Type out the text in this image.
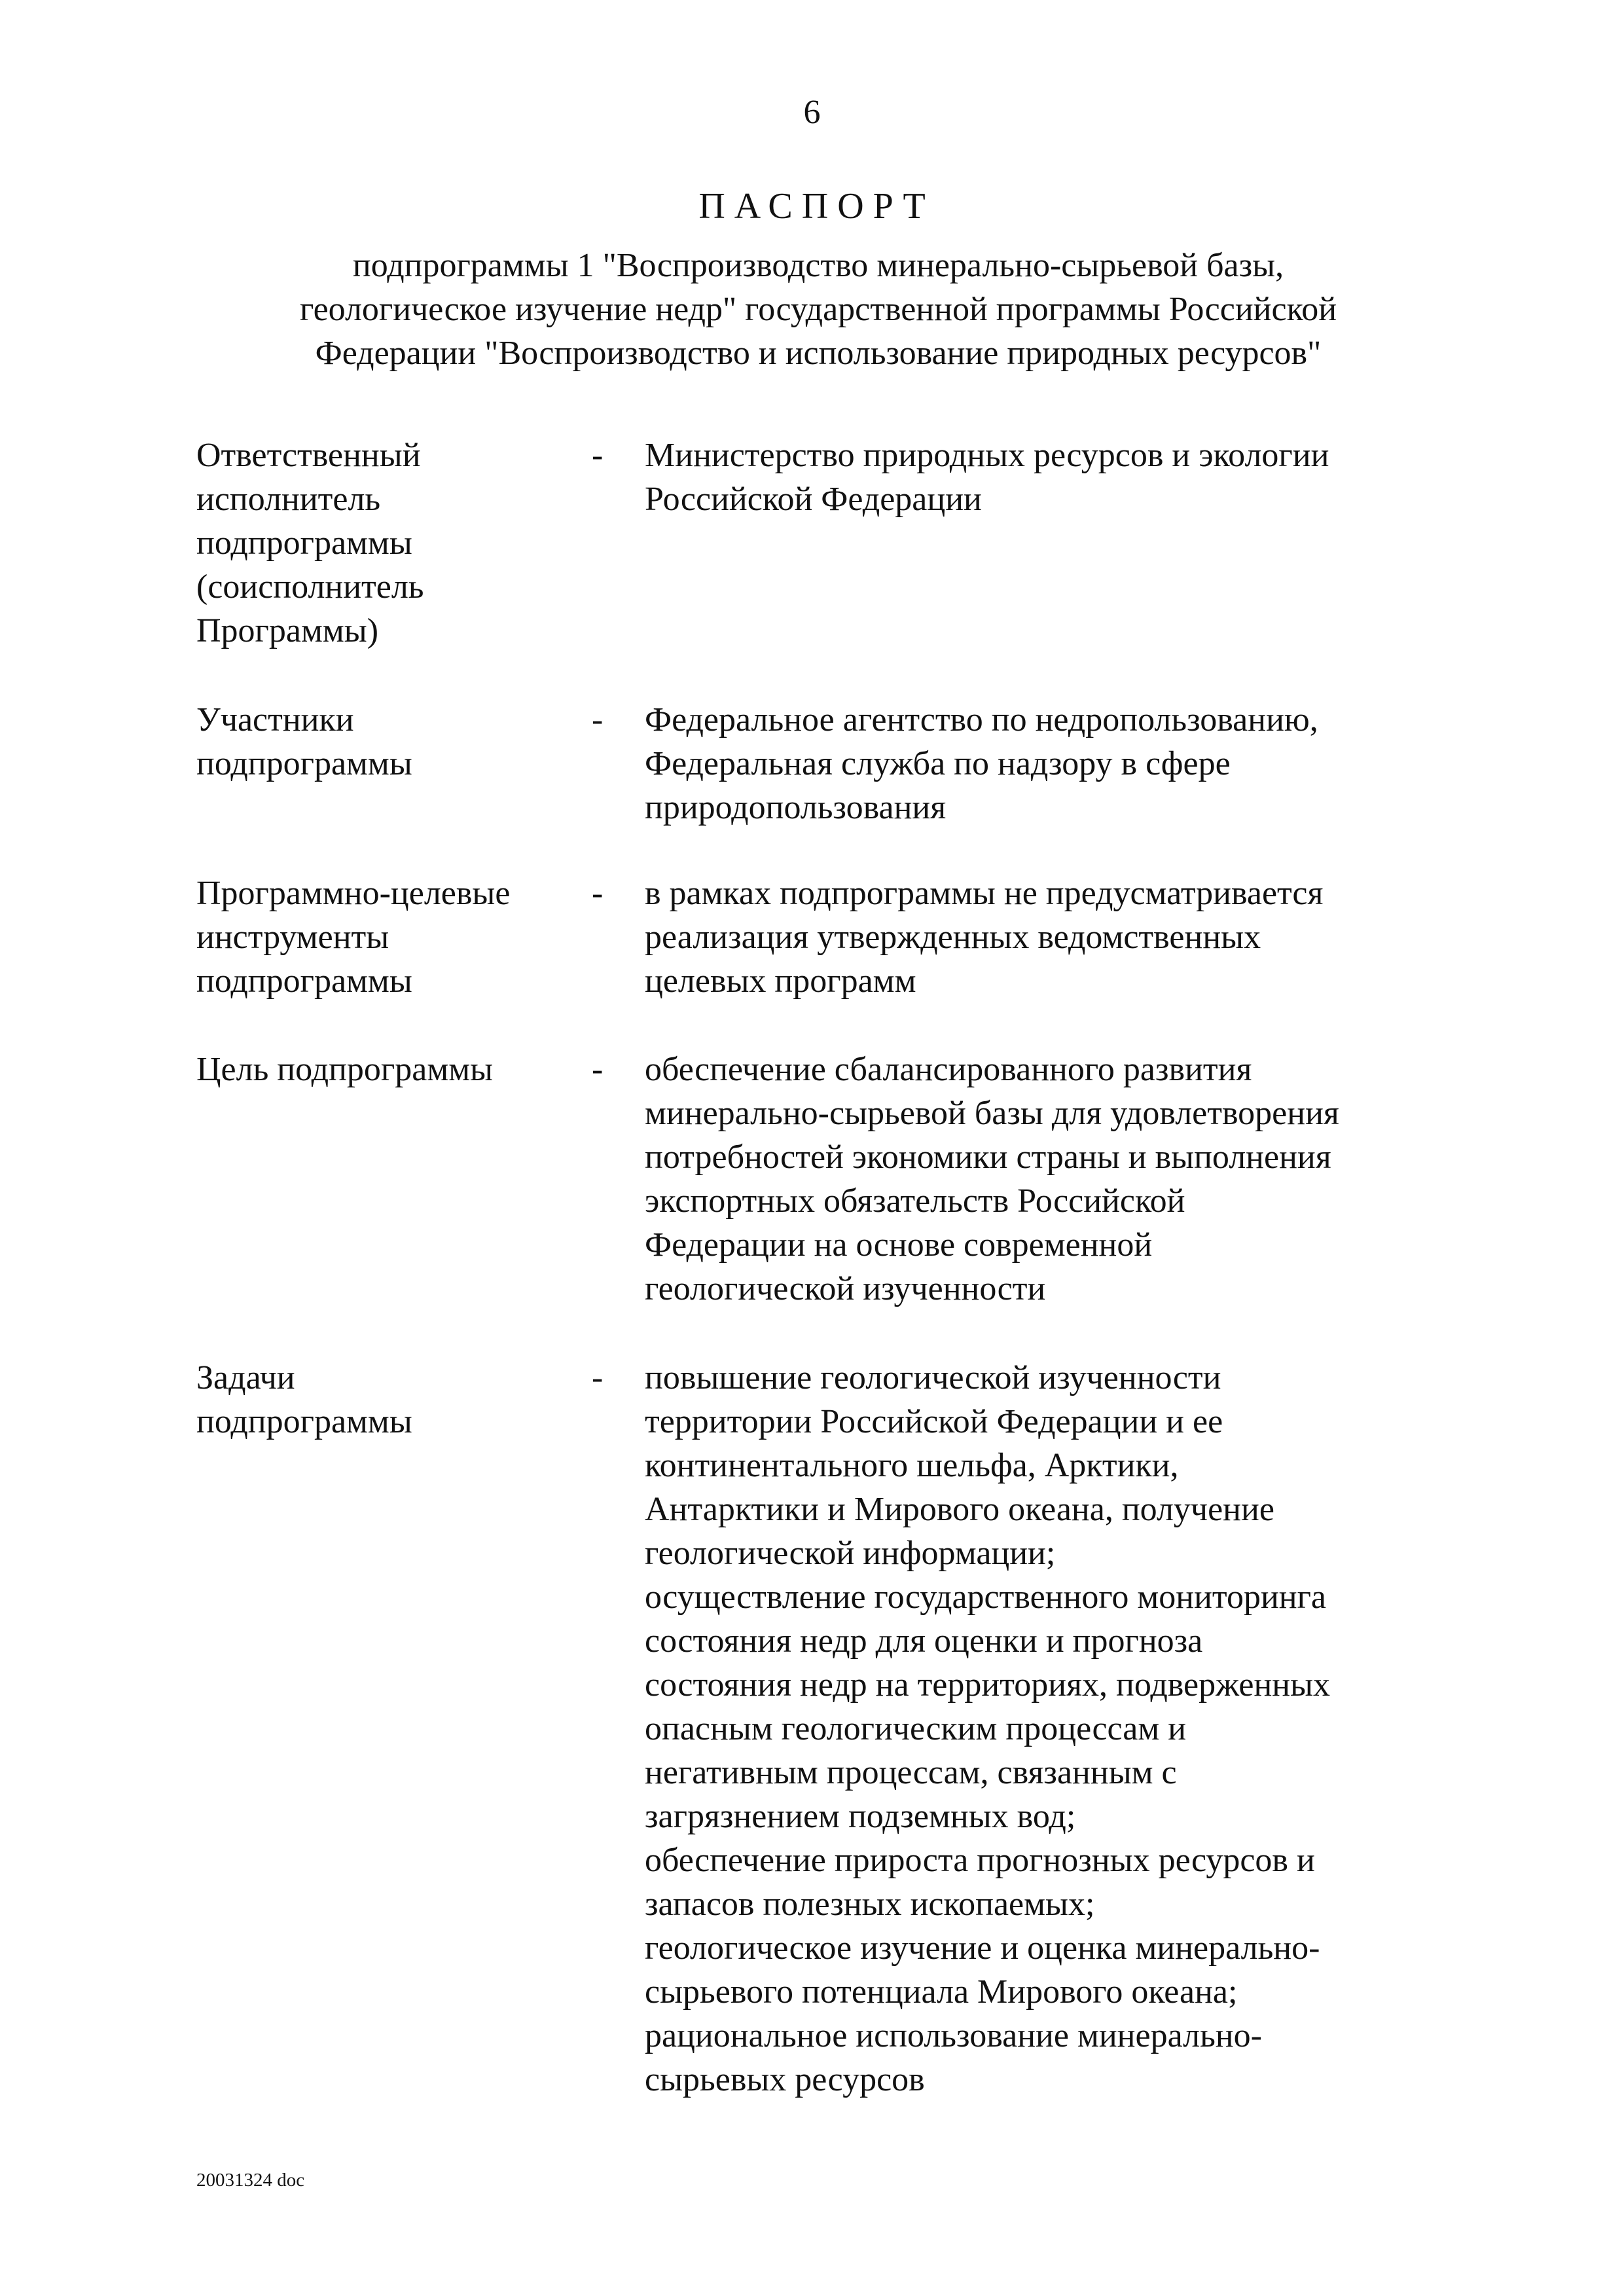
6
ПАСПОРТ
подпрограммы 1 "Воспроизводство минерально-сырьевой базы,
геологическое изучение недр" государственной программы Российской
Федерации "Воспроизводство и использование природных ресурсов"
Ответственный
исполнитель
подпрограммы
(соисполнитель
Программы)
- Министерство природных ресурсов и экологии
Российской Федерации
Участники
подпрограммы
- Федеральное агентство по недропользованию,
Федеральная служба по надзору в сфере
природопользования
Программно-целевые
инструменты
подпрограммы
- в рамках подпрограммы не предусматривается
реализация утвержденных ведомственных
целевых программ
Цель подпрограммы	- обеспечение сбалансированного развития
минерально-сырьевой базы для удовлетворения
потребностей экономики страны и выполнения
экспортных обязательств Российской
Федерации на основе современной
геологической изученности
Задачи
подпрограммы
- повышение геологической изученности
территории Российской Федерации и ее
континентального шельфа, Арктики,
Антарктики и Мирового океана, получение
геологической информации;
осуществление государственного мониторинга
состояния недр для оценки и прогноза
состояния недр на территориях, подверженных
опасным геологическим процессам и
негативным процессам, связанным с
загрязнением подземных вод;
обеспечение прироста прогнозных ресурсов и
запасов полезных ископаемых;
геологическое изучение и оценка минерально-
сырьевого потенциала Мирового океана;
рациональное использование минерально-
сырьевых ресурсов
20031324 doc
